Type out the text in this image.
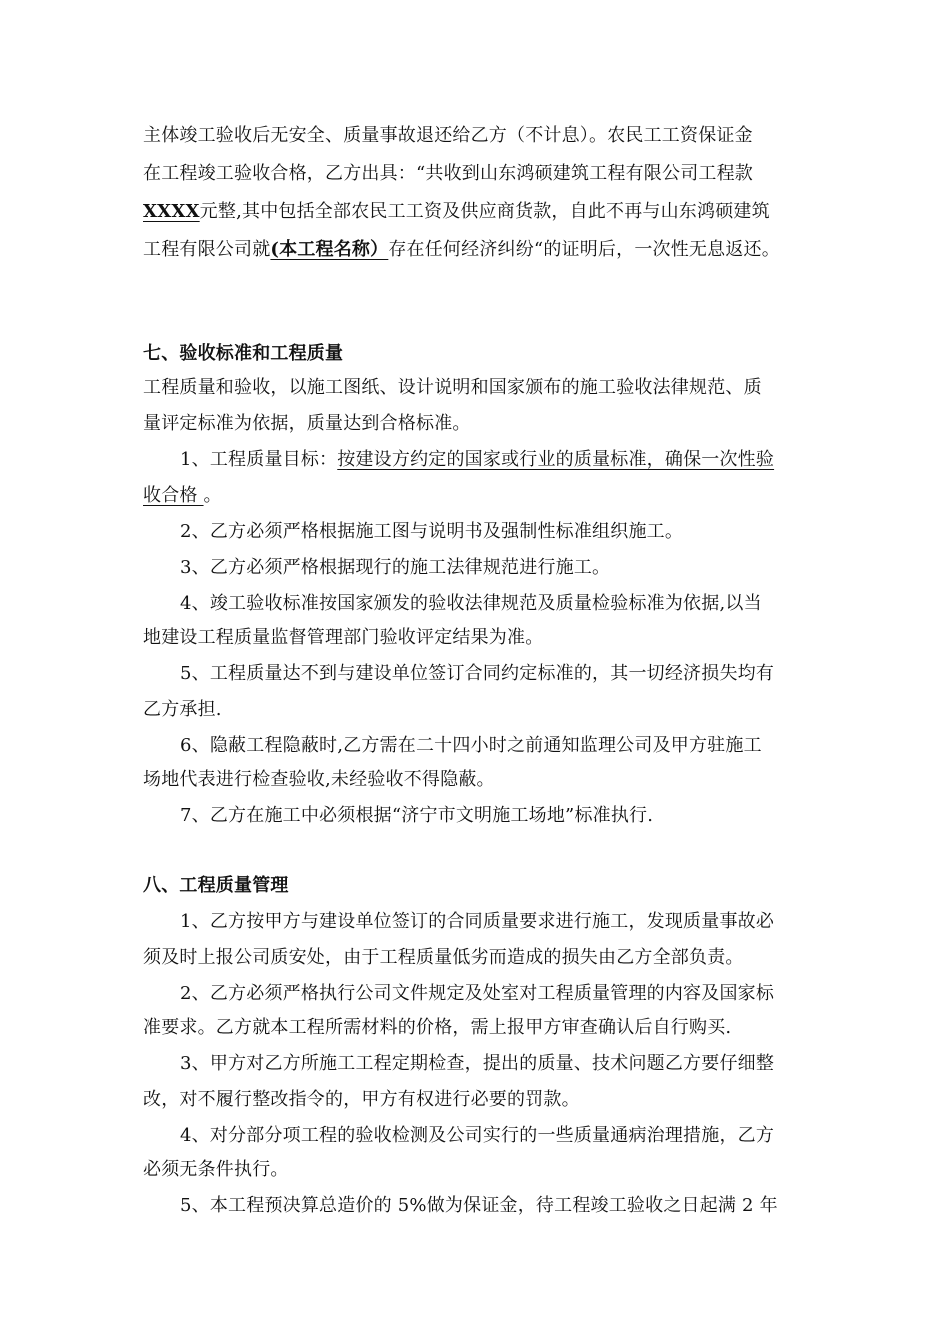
主体竣工验收后无安全、质量事故退还给乙方（不计息）。农民工工资保证金
在工程竣工验收合格，乙方出具：“共收到山东鸿硕建筑工程有限公司工程款
XXXX元整,其中包括全部农民工工资及供应商货款，自此不再与山东鸿硕建筑
工程有限公司就(本工程名称）存在任何经济纠纷“的证明后，一次性无息返还。
七、验收标准和工程质量
工程质量和验收，以施工图纸、设计说明和国家颁布的施工验收法律规范、质
量评定标准为依据，质量达到合格标准。
1、工程质量目标：按建设方约定的国家或行业的质量标准，确保一次性验
收合格 。
2、乙方必须严格根据施工图与说明书及强制性标准组织施工。
3、乙方必须严格根据现行的施工法律规范进行施工。
4、竣工验收标准按国家颁发的验收法律规范及质量检验标准为依据,以当
地建设工程质量监督管理部门验收评定结果为准。
5、工程质量达不到与建设单位签订合同约定标准的，其一切经济损失均有
乙方承担.
6、隐蔽工程隐蔽时,乙方需在二十四小时之前通知监理公司及甲方驻施工
场地代表进行检查验收,未经验收不得隐蔽。
7、乙方在施工中必须根据“济宁市文明施工场地”标准执行.
八、工程质量管理
1、乙方按甲方与建设单位签订的合同质量要求进行施工，发现质量事故必
须及时上报公司质安处，由于工程质量低劣而造成的损失由乙方全部负责。
2、乙方必须严格执行公司文件规定及处室对工程质量管理的内容及国家标
准要求。乙方就本工程所需材料的价格，需上报甲方审查确认后自行购买.
3、甲方对乙方所施工工程定期检查，提出的质量、技术问题乙方要仔细整
改，对不履行整改指令的，甲方有权进行必要的罚款。
4、对分部分项工程的验收检测及公司实行的一些质量通病治理措施，乙方
必须无条件执行。
5、本工程预决算总造价的 5%做为保证金，待工程竣工验收之日起满 2 年
